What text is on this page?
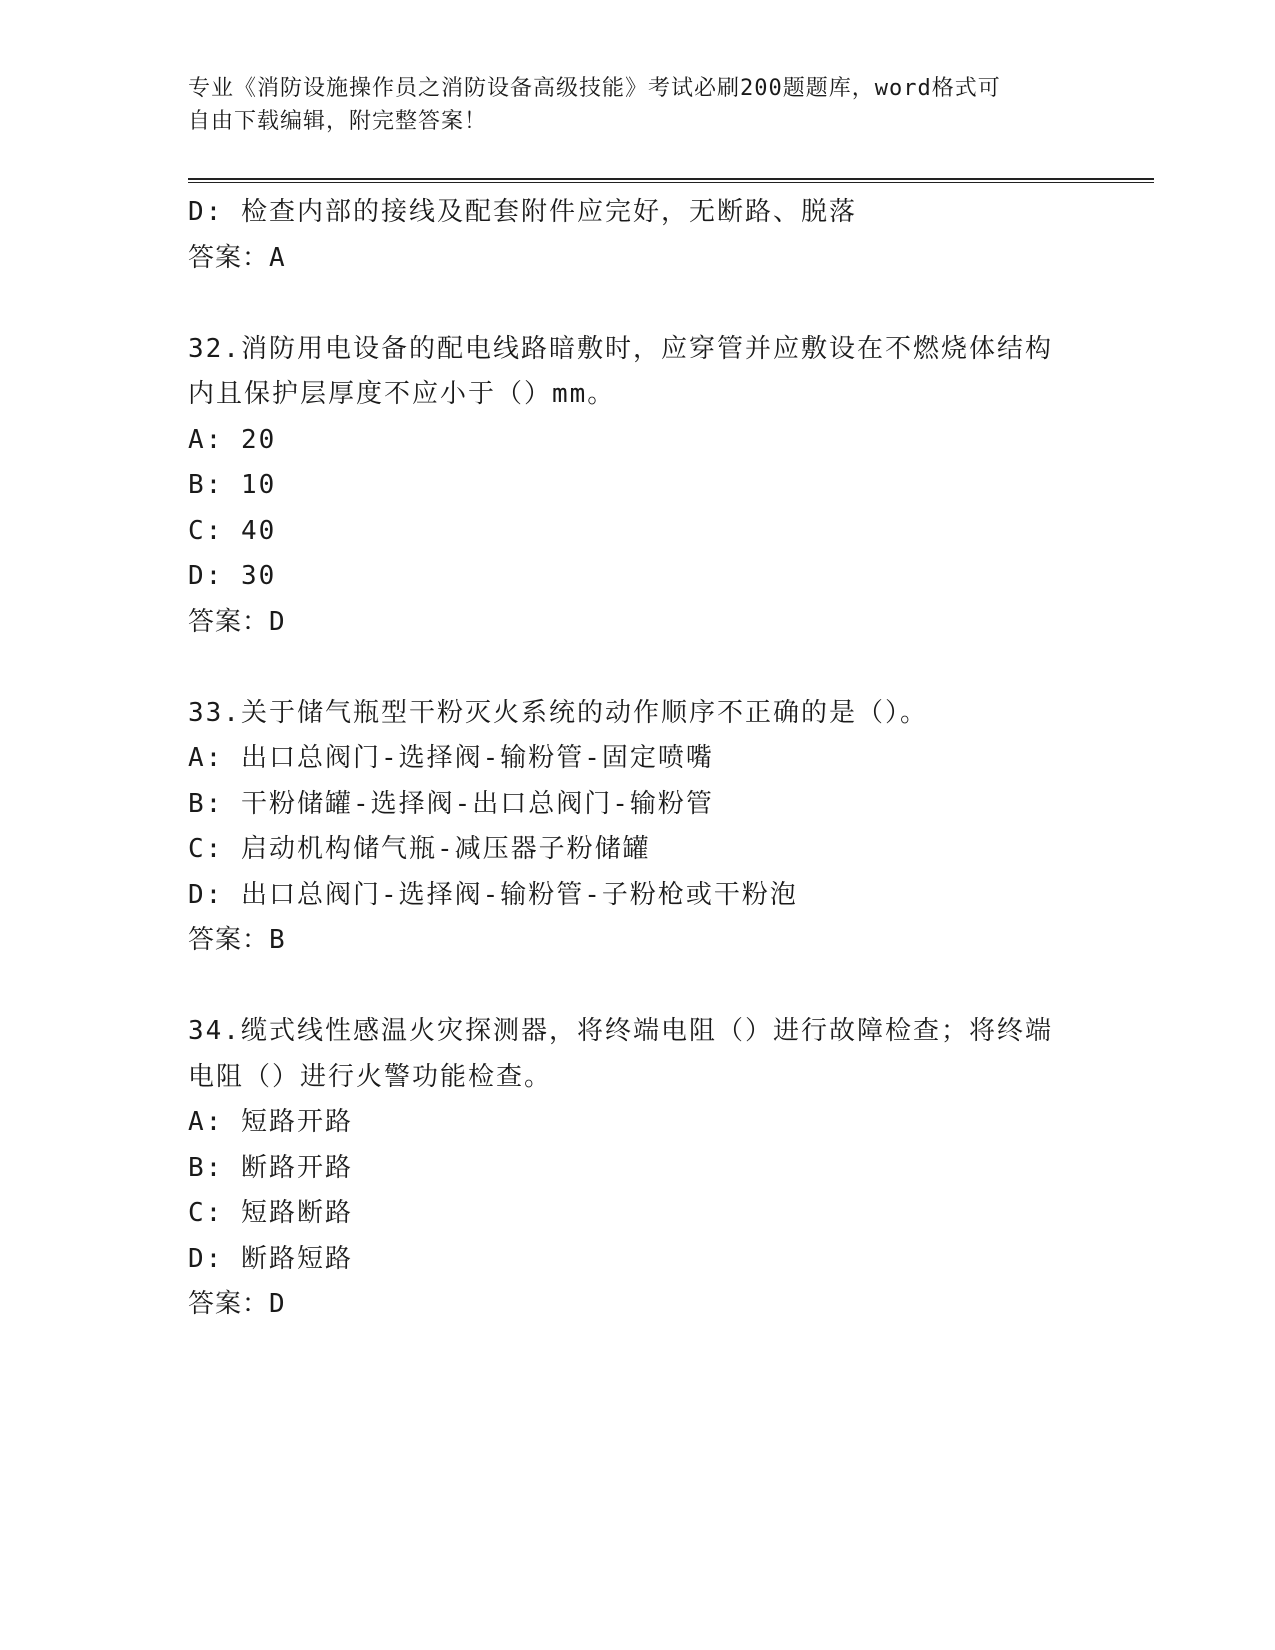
专业《消防设施操作员之消防设备高级技能》考试必刷200题题库，word格式可
自由下载编辑，附完整答案！
D: 检查内部的接线及配套附件应完好，无断路、脱落
答案：A
32.消防用电设备的配电线路暗敷时，应穿管并应敷设在不燃烧体结构
内且保护层厚度不应小于（）mm。
A: 20
B: 10
C: 40
D: 30
答案：D
33.关于储气瓶型干粉灭火系统的动作顺序不正确的是（）。
A: 出口总阀门-选择阀-输粉管-固定喷嘴
B: 干粉储罐-选择阀-出口总阀门-输粉管
C: 启动机构储气瓶-减压器子粉储罐
D: 出口总阀门-选择阀-输粉管-子粉枪或干粉泡
答案：B
34.缆式线性感温火灾探测器，将终端电阻（）进行故障检查；将终端
电阻（）进行火警功能检查。
A: 短路开路
B: 断路开路
C: 短路断路
D: 断路短路
答案：D
